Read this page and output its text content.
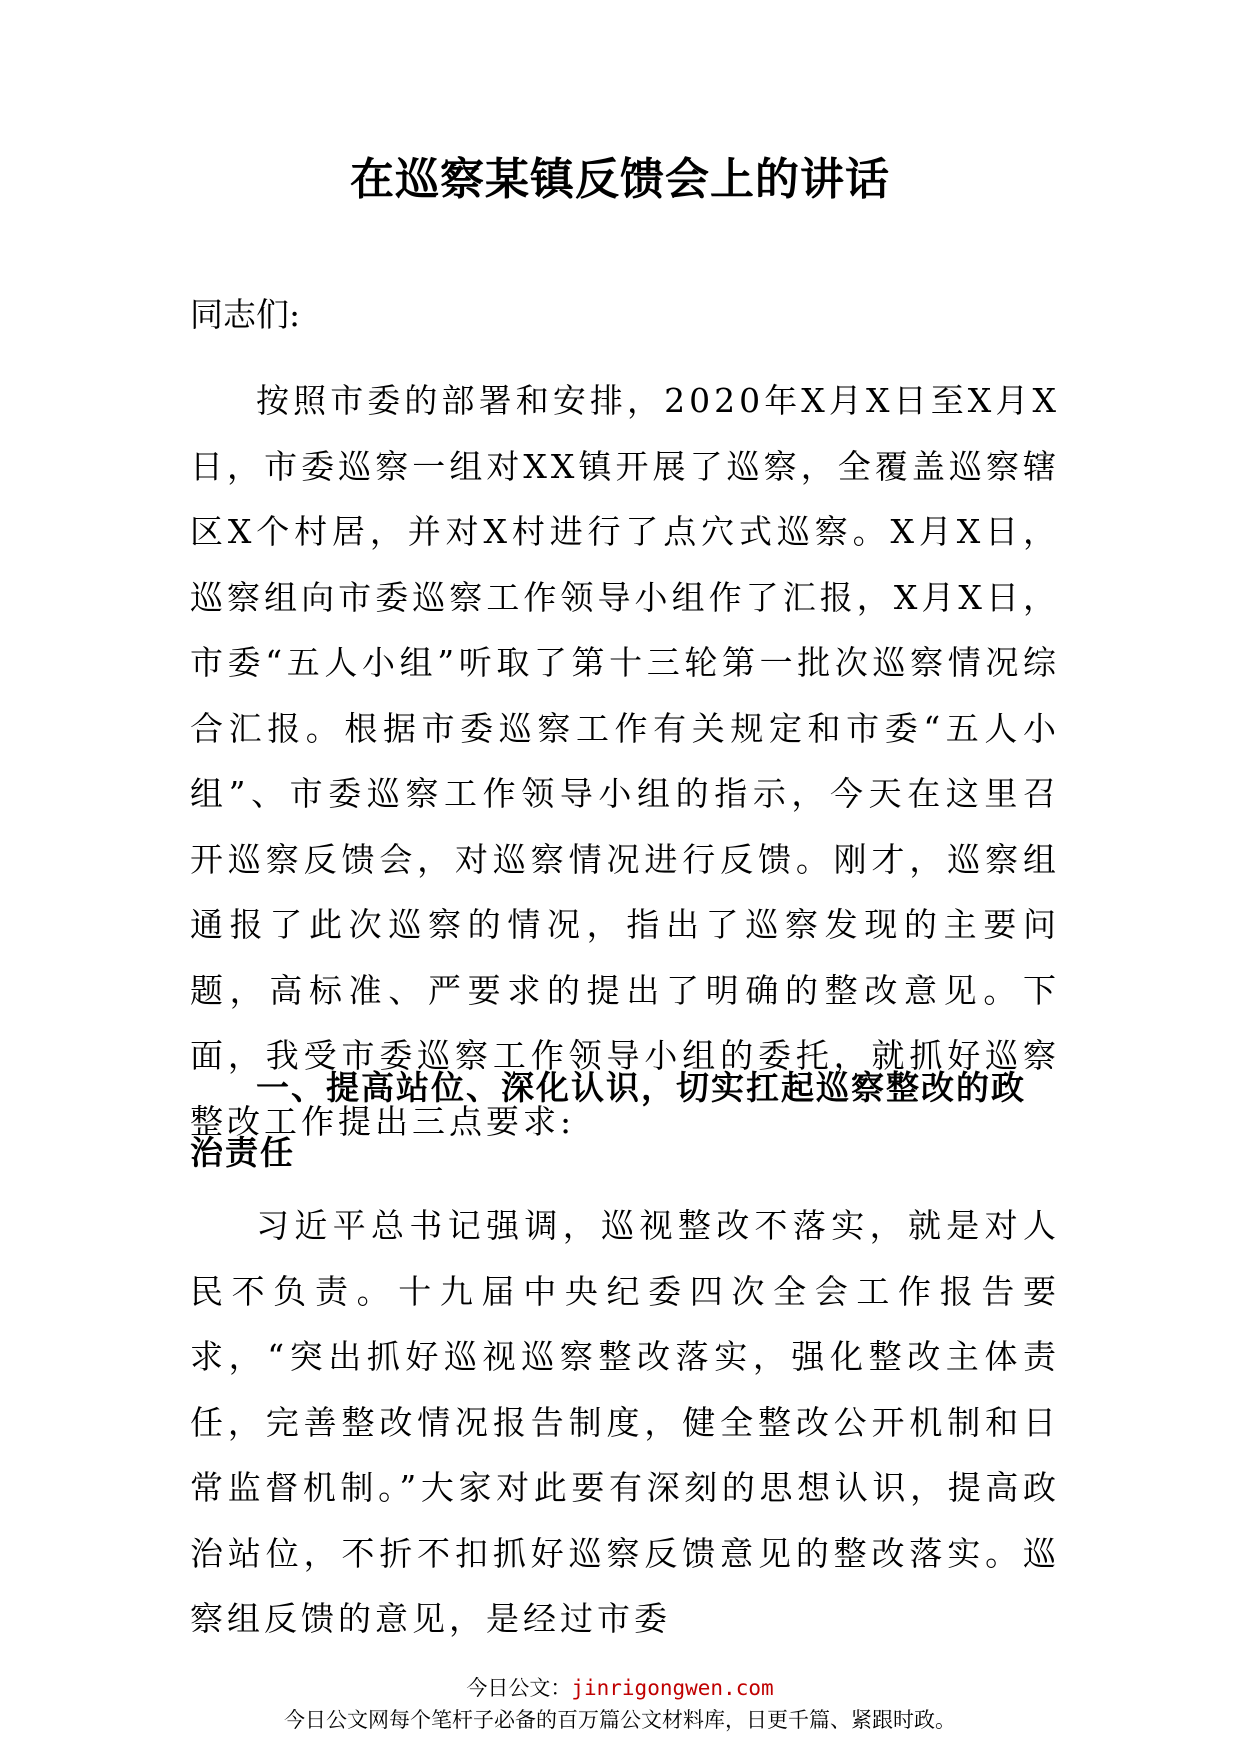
在巡察某镇反馈会上的讲话

同志们:

按照市委的部署和安排，2020年X月X日至X月X日，市委巡察一组对XX镇开展了巡察，全覆盖巡察辖区X个村居，并对X村进行了点穴式巡察。X月X日，巡察组向市委巡察工作领导小组作了汇报，X月X日，市委“五人小组”听取了第十三轮第一批次巡察情况综合汇报。根据市委巡察工作有关规定和市委“五人小组”、市委巡察工作领导小组的指示，今天在这里召开巡察反馈会，对巡察情况进行反馈。刚才，巡察组通报了此次巡察的情况，指出了巡察发现的主要问题，高标准、严要求的提出了明确的整改意见。下面，我受市委巡察工作领导小组的委托，就抓好巡察整改工作提出三点要求:

一、提高站位、深化认识，切实扛起巡察整改的政治责任

习近平总书记强调，巡视整改不落实，就是对人民不负责。十九届中央纪委四次全会工作报告要求，“突出抓好巡视巡察整改落实，强化整改主体责任，完善整改情况报告制度，健全整改公开机制和日常监督机制。”大家对此要有深刻的思想认识，提高政治站位，不折不扣抓好巡察反馈意见的整改落实。巡察组反馈的意见，是经过市委

今日公文：jinrigongwen.com
今日公文网每个笔杆子必备的百万篇公文材料库，日更千篇、紧跟时政。
